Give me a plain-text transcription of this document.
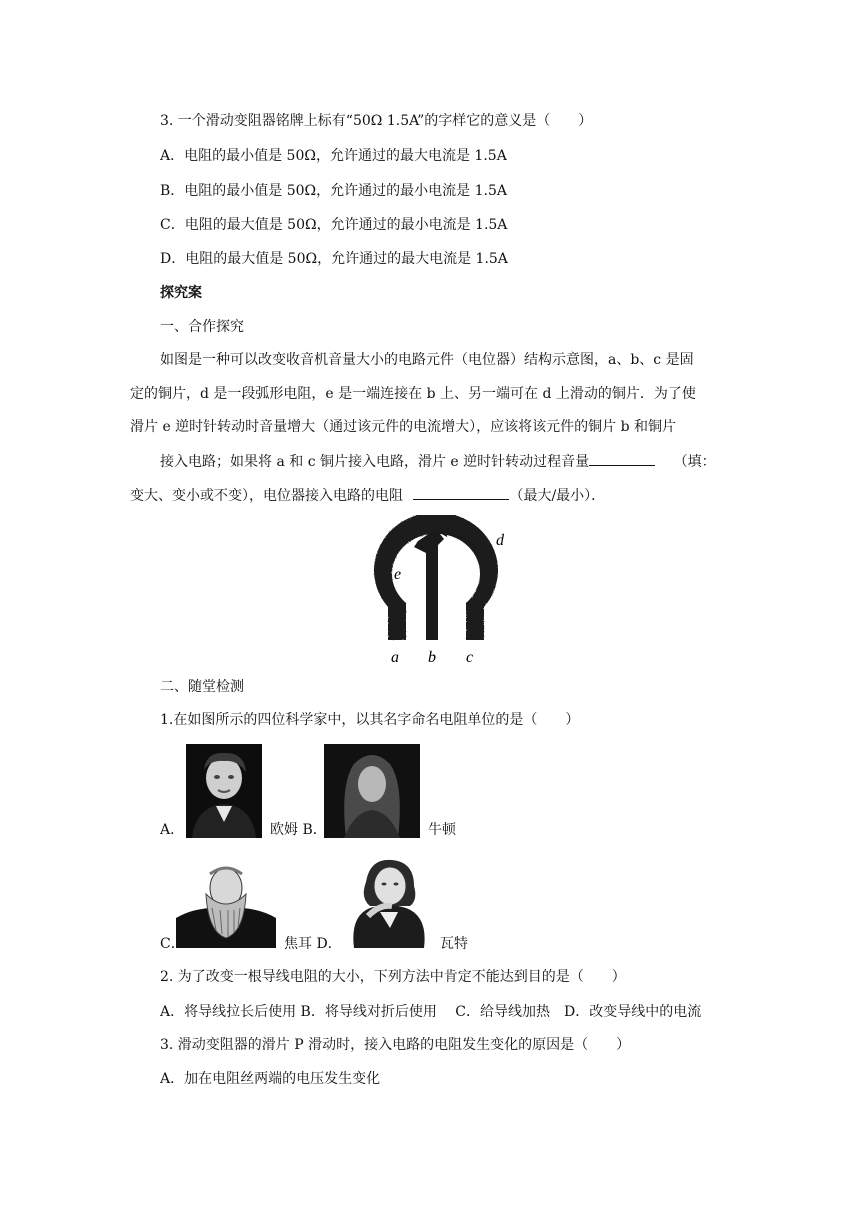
3. 一个滑动变阻器铭牌上标有“50Ω 1.5A”的字样它的意义是（　　）
A．电阻的最小值是 50Ω，允许通过的最大电流是 1.5A
B．电阻的最小值是 50Ω，允许通过的最小电流是 1.5A
C．电阻的最大值是 50Ω，允许通过的最小电流是 1.5A
D．电阻的最大值是 50Ω，允许通过的最大电流是 1.5A
探究案
一、合作探究
如图是一种可以改变收音机音量大小的电路元件（电位器）结构示意图，a、b、c 是固
定的铜片，d 是一段弧形电阻，e 是一端连接在 b 上、另一端可在 d 上滑动的铜片．为了使
滑片 e 逆时针转动时音量增大（通过该元件的电流增大），应该将该元件的铜片 b 和铜片
接入电路；如果将 a 和 c 铜片接入电路，滑片 e 逆时针转动过程音量	（填：
变大、变小或不变），电位器接入电路的电阻	（最大/最小）．
d
e
a b c
二、随堂检测
1.在如图所示的四位科学家中，以其名字命名电阻单位的是（　　）
A．	欧姆 B．	牛顿
C．	焦耳 D．	瓦特
2. 为了改变一根导线电阻的大小，下列方法中肯定不能达到目的是（　　）
A．将导线拉长后使用 B．将导线对折后使用　 C．给导线加热　D．改变导线中的电流
3. 滑动变阻器的滑片 P 滑动时，接入电路的电阻发生变化的原因是（　　）
A．加在电阻丝两端的电压发生变化
